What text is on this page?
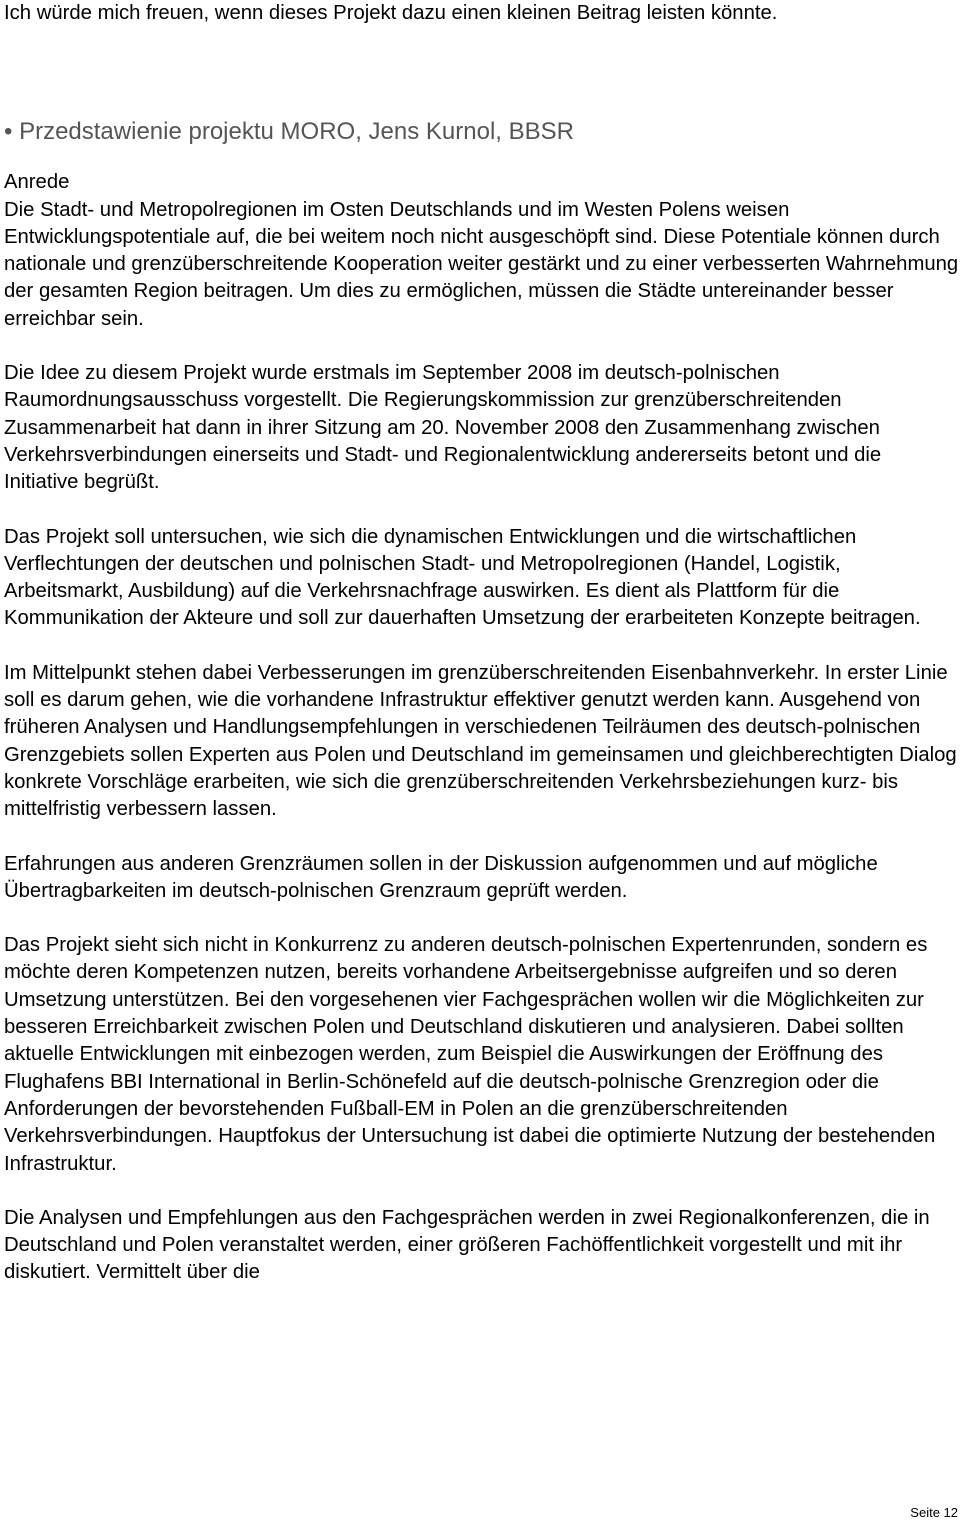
Ich würde mich freuen, wenn dieses Projekt dazu einen kleinen Beitrag leisten könnte.

• Przedstawienie projektu MORO, Jens Kurnol, BBSR

Anrede

Die Stadt- und Metropolregionen im Osten Deutschlands und im Westen Polens weisen Entwicklungspotentiale auf, die bei weitem noch nicht ausgeschöpft sind. Diese Potentiale können durch nationale und grenzüberschreitende Kooperation weiter gestärkt und zu einer verbesserten Wahrnehmung der gesamten Region beitragen. Um dies zu ermöglichen, müssen die Städte untereinander besser erreichbar sein.

Die Idee zu diesem Projekt wurde erstmals im September 2008 im deutsch-polnischen Raumordnungsausschuss vorgestellt. Die Regierungskommission zur grenzüberschreitenden Zusammenarbeit hat dann in ihrer Sitzung am 20. November 2008 den Zusammenhang zwischen Verkehrsverbindungen einerseits und Stadt- und Regionalentwicklung andererseits betont und die Initiative begrüßt.

Das Projekt soll untersuchen, wie sich die dynamischen Entwicklungen und die wirtschaftlichen Verflechtungen der deutschen und polnischen Stadt- und Metropolregionen (Handel, Logistik, Arbeitsmarkt, Ausbildung) auf die Verkehrsnachfrage auswirken. Es dient als Plattform für die Kommunikation der Akteure und soll zur dauerhaften Umsetzung der erarbeiteten Konzepte beitragen.

Im Mittelpunkt stehen dabei Verbesserungen im grenzüberschreitenden Eisenbahnverkehr. In erster Linie soll es darum gehen, wie die vorhandene Infrastruktur effektiver genutzt werden kann. Ausgehend von früheren Analysen und Handlungsempfehlungen in verschiedenen Teilräumen des deutsch-polnischen Grenzgebiets sollen Experten aus Polen und Deutschland im gemeinsamen und gleichberechtigten Dialog konkrete Vorschläge erarbeiten, wie sich die grenzüberschreitenden Verkehrsbeziehungen kurz- bis mittelfristig verbessern lassen.

Erfahrungen aus anderen Grenzräumen sollen in der Diskussion aufgenommen und auf mögliche Übertragbarkeiten im deutsch-polnischen Grenzraum geprüft werden.

Das Projekt sieht sich nicht in Konkurrenz zu anderen deutsch-polnischen Expertenrunden, sondern es möchte deren Kompetenzen nutzen, bereits vorhandene Arbeitsergebnisse aufgreifen und so deren Umsetzung unterstützen. Bei den vorgesehenen vier Fachgesprächen wollen wir die Möglichkeiten zur besseren Erreichbarkeit zwischen Polen und Deutschland diskutieren und analysieren. Dabei sollten aktuelle Entwicklungen mit einbezogen werden, zum Beispiel die Auswirkungen der Eröffnung des Flughafens BBI International in Berlin-Schönefeld auf die deutsch-polnische Grenzregion oder die Anforderungen der bevorstehenden Fußball-EM in Polen an die grenzüberschreitenden Verkehrsverbindungen. Hauptfokus der Untersuchung ist dabei die optimierte Nutzung der bestehenden Infrastruktur.

Die Analysen und Empfehlungen aus den Fachgesprächen werden in zwei Regionalkonferenzen, die in Deutschland und Polen veranstaltet werden, einer größeren Fachöffentlichkeit vorgestellt und mit ihr diskutiert. Vermittelt über die

Seite 12
